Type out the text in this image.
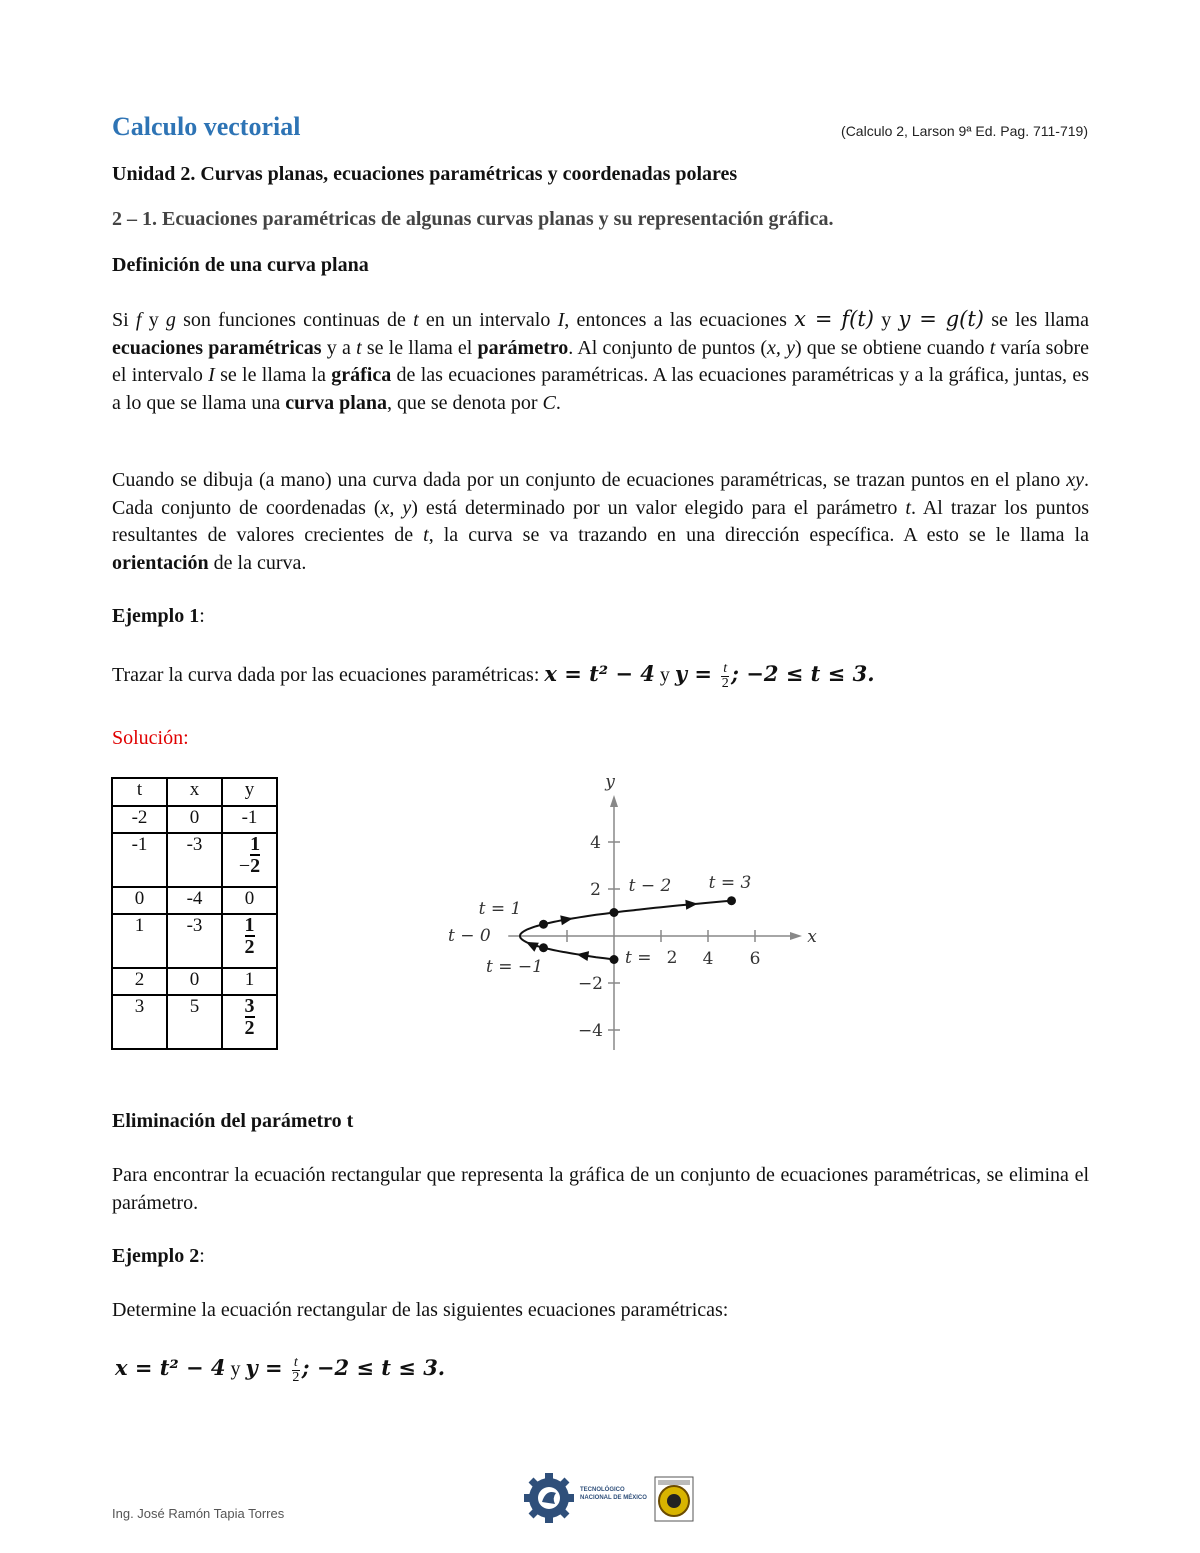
Calculo vectorial	(Calculo 2, Larson 9ª Ed. Pag. 711-719)
Unidad 2. Curvas planas, ecuaciones paramétricas y coordenadas polares
2 – 1. Ecuaciones paramétricas de algunas curvas planas y su representación gráfica.
Definición de una curva plana
Si f y g son funciones continuas de t en un intervalo I, entonces a las ecuaciones x = f(t) y y = g(t) se les llama ecuaciones paramétricas y a t se le llama el parámetro. Al conjunto de puntos (x, y) que se obtiene cuando t varía sobre el intervalo I se le llama la gráfica de las ecuaciones paramétricas. A las ecuaciones paramétricas y a la gráfica, juntas, es a lo que se llama una curva plana, que se denota por C.
Cuando se dibuja (a mano) una curva dada por un conjunto de ecuaciones paramétricas, se trazan puntos en el plano xy. Cada conjunto de coordenadas (x, y) está determinado por un valor elegido para el parámetro t. Al trazar los puntos resultantes de valores crecientes de t, la curva se va trazando en una dirección específica. A esto se le llama la orientación de la curva.
Ejemplo 1:
Trazar la curva dada por las ecuaciones paramétricas: x = t² − 4 y $y = \frac{t}{2}$ ; −2 ≤ t ≤ 3.
Solución:
t	x	y
-2	0	-1
-1	-3	− $\frac{1}{2}$
0	-4	0
1	-3	$\frac{1}{2}$
2	0	1
3	5	$\frac{3}{2}$
4 6
4
2
−2
−4
x
y
t = 1
t − 0
t = −1
t − 2 t = 3
t = 2
Eliminación del parámetro t
Para encontrar la ecuación rectangular que representa la gráfica de un conjunto de ecuaciones paramétricas, se elimina el parámetro.
Ejemplo 2:
Determine la ecuación rectangular de las siguientes ecuaciones paramétricas:
x = t² − 4 y $y = \frac{t}{2}$ ; −2 ≤ t ≤ 3.
Ing. José Ramón Tapia Torres
TECNOLÓGICO
NACIONAL DE MÉXICO
